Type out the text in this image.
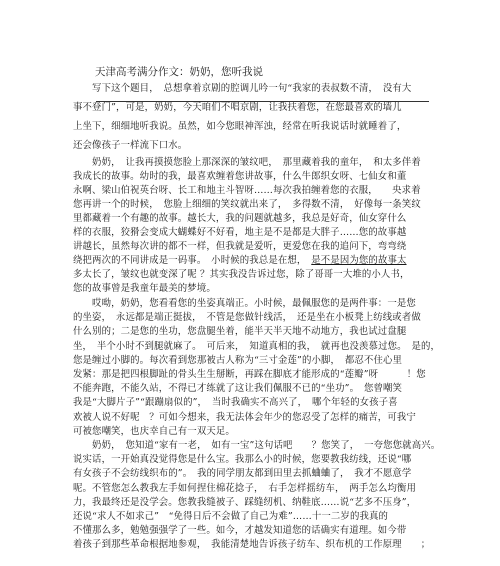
天津高考满分作文：奶奶，您听我说
　　写下这个题目，　总想拿着京剧的腔调儿吟一句“我家的表叔数不清，　没有大
事不登门”，可是，奶奶，今天咱们不唱京剧，让我扶着您，在您最喜欢的墙儿
上坐下，细细地听我说。虽然，如今您眼神浑浊，经常在听我说话时就睡着了，
还会像孩子一样流下口水。
　　奶奶，　让我再摸摸您脸上那深深的皱纹吧，　那里藏着我的童年，　和太多伴着
我成长的故事。幼时的我，最喜欢缠着您讲故事，什么牛郎织女呀、七仙女和董
永啊、梁山伯祝英台呀、长工和地主斗智呀……每次我拍缠着您的衣服，　　央求着
您再讲一个的时候，　您脸上细细的笑纹就出来了，　多得数不清，　好像每一条笑纹
里都藏着一个有趣的故事。越长大，我的问题就越多，我总是好奇，仙女穿什么
样的衣服，狡猾会变成大蝴蝶好不好看，地主是不是都是大胖子……您的故事越
讲越长，虽然每次讲的都不一样，但我就是爱听，更爱您在我的追问下，弯弯绕
绕把两次的不同讲成是一码事。　小时候的我总是在想，　是不是因为您的故事太
多太长了，皱纹也就变深了呢 ？其实我没告诉过您，除了哥哥一大堆的小人书，
您的故事曾是我童年最美的梦境。
　　哎呦，奶奶，您看看您的坐姿真端正。小时候，最佩服您的是两件事：一是您
的坐姿，　永远都是端正挺拔，　不管是您做针线活，　还是坐在小板凳上纺线或者做
什么别的；二是您的坐功，您盘腿坐着，能半天半天地不动地方，我也试过盘腿
坐，　半个小时不到腿就麻了。　可后来，　知道真相的我，　就再也没羡慕过您。　是的，
您是缠过小脚的。每次看到您那被古人称为“三寸金莲”的小脚，　都忍不住心里
发紧：那是把四根脚趾的骨头生生掰断，再踩在脚底才能形成的“莲瓣”呀　　　！您
不能奔跑，不能久站，不得已才练就了这让我们佩服不已的“坐功”。　您曾嘲笑
我是“大脚片子”“跟蹦扇似的”，　当时我确实不高兴了，　哪个年轻的女孩子喜
欢被人说不好呢　？可如今想来，我无法体会年少的您忍受了怎样的痛苦，可我宁
可被您嘲笑，也庆幸自己有一双天足。
　　奶奶，　您知道“家有一老，　如有一宝”这句话吧　　？您笑了，　一夸您您就高兴。
说实话，一开始真没觉得您是什么宝。我那么小的时候，您要教我纺线，还说“哪
有女孩子不会纺线织布的”。　我的同学朋友都到田里去抓蛐蛐了，　我才不愿意学
呢。不管您怎么教我左手如何捏住棉花捻子，　右手怎样摇纺车，　两手怎么均衡用
力，我最终还是没学会。您教我缝被子、踩缝纫机、纳鞋底……说“艺多不压身”，
还说“求人不如求己”　“免得日后不会做了自己为难”……十一二岁的我真的
不懂那么多，勉勉强强学了一些。如今，才越发知道您的话确实有道理。如今带
着孩子到那些革命根据地参观，　我能清楚地告诉孩子纺车、织布机的工作原理　　；
